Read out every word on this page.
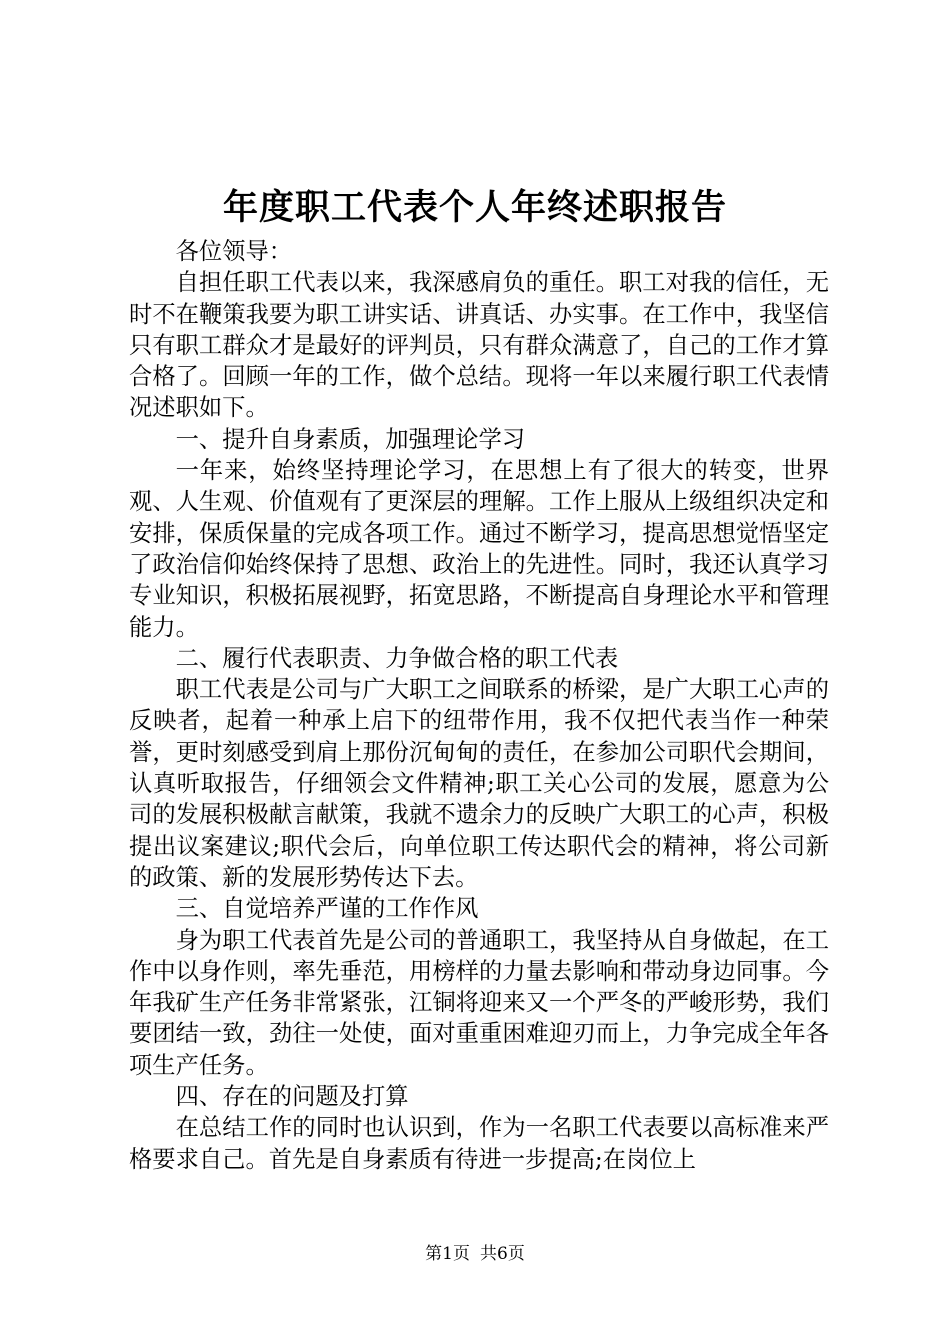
年度职工代表个人年终述职报告

各位领导：

自担任职工代表以来，我深感肩负的重任。职工对我的信任，无时不在鞭策我要为职工讲实话、讲真话、办实事。在工作中，我坚信只有职工群众才是最好的评判员，只有群众满意了，自己的工作才算合格了。回顾一年的工作，做个总结。现将一年以来履行职工代表情况述职如下。

一、提升自身素质，加强理论学习

一年来，始终坚持理论学习，在思想上有了很大的转变，世界观、人生观、价值观有了更深层的理解。工作上服从上级组织决定和安排，保质保量的完成各项工作。通过不断学习，提高思想觉悟坚定了政治信仰始终保持了思想、政治上的先进性。同时，我还认真学习专业知识，积极拓展视野，拓宽思路，不断提高自身理论水平和管理能力。

二、履行代表职责、力争做合格的职工代表

职工代表是公司与广大职工之间联系的桥梁，是广大职工心声的反映者，起着一种承上启下的纽带作用，我不仅把代表当作一种荣誉，更时刻感受到肩上那份沉甸甸的责任，在参加公司职代会期间，认真听取报告，仔细领会文件精神;职工关心公司的发展，愿意为公司的发展积极献言献策，我就不遗余力的反映广大职工的心声，积极提出议案建议;职代会后，向单位职工传达职代会的精神，将公司新的政策、新的发展形势传达下去。

三、自觉培养严谨的工作作风

身为职工代表首先是公司的普通职工，我坚持从自身做起，在工作中以身作则，率先垂范，用榜样的力量去影响和带动身边同事。今年我矿生产任务非常紧张，江铜将迎来又一个严冬的严峻形势，我们要团结一致，劲往一处使，面对重重困难迎刃而上，力争完成全年各项生产任务。

四、存在的问题及打算

在总结工作的同时也认识到，作为一名职工代表要以高标准来严格要求自己。首先是自身素质有待进一步提高;在岗位上

第1页 共6页
